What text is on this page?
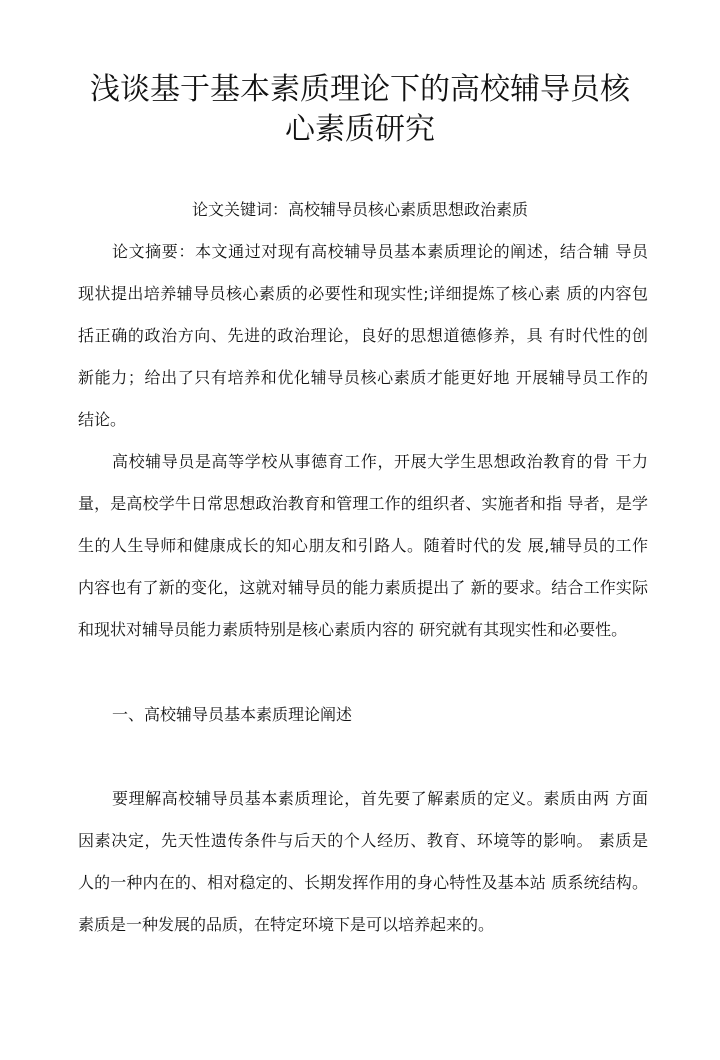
浅谈基于基本素质理论下的高校辅导员核
心素质研究
论文关键词：高校辅导员核心素质思想政治素质
论文摘要：本文通过对现有高校辅导员基本素质理论的阐述，结合辅 导员
现状提出培养辅导员核心素质的必要性和现实性;详细提炼了核心素 质的内容包
括正确的政治方向、先进的政治理论，良好的思想道德修养，具 有时代性的创
新能力；给出了只有培养和优化辅导员核心素质才能更好地 开展辅导员工作的
结论。
高校辅导员是高等学校从事德育工作，开展大学生思想政治教育的骨 干力
量，是高校学牛日常思想政治教育和管理工作的组织者、实施者和指 导者，是学
生的人生导师和健康成长的知心朋友和引路人。随着时代的发 展,辅导员的工作
内容也有了新的变化，这就对辅导员的能力素质提出了 新的要求。结合工作实际
和现状对辅导员能力素质特别是核心素质内容的 研究就有其现实性和必要性。
一、高校辅导员基本素质理论阐述
要理解高校辅导员基本素质理论，首先要了解素质的定义。素质由两 方面
因素决定，先天性遗传条件与后天的个人经历、教育、环境等的影响。 素质是
人的一种内在的、相对稳定的、长期发挥作用的身心特性及基本站 质系统结构。
素质是一种发展的品质，在特定环境下是可以培养起来的。
